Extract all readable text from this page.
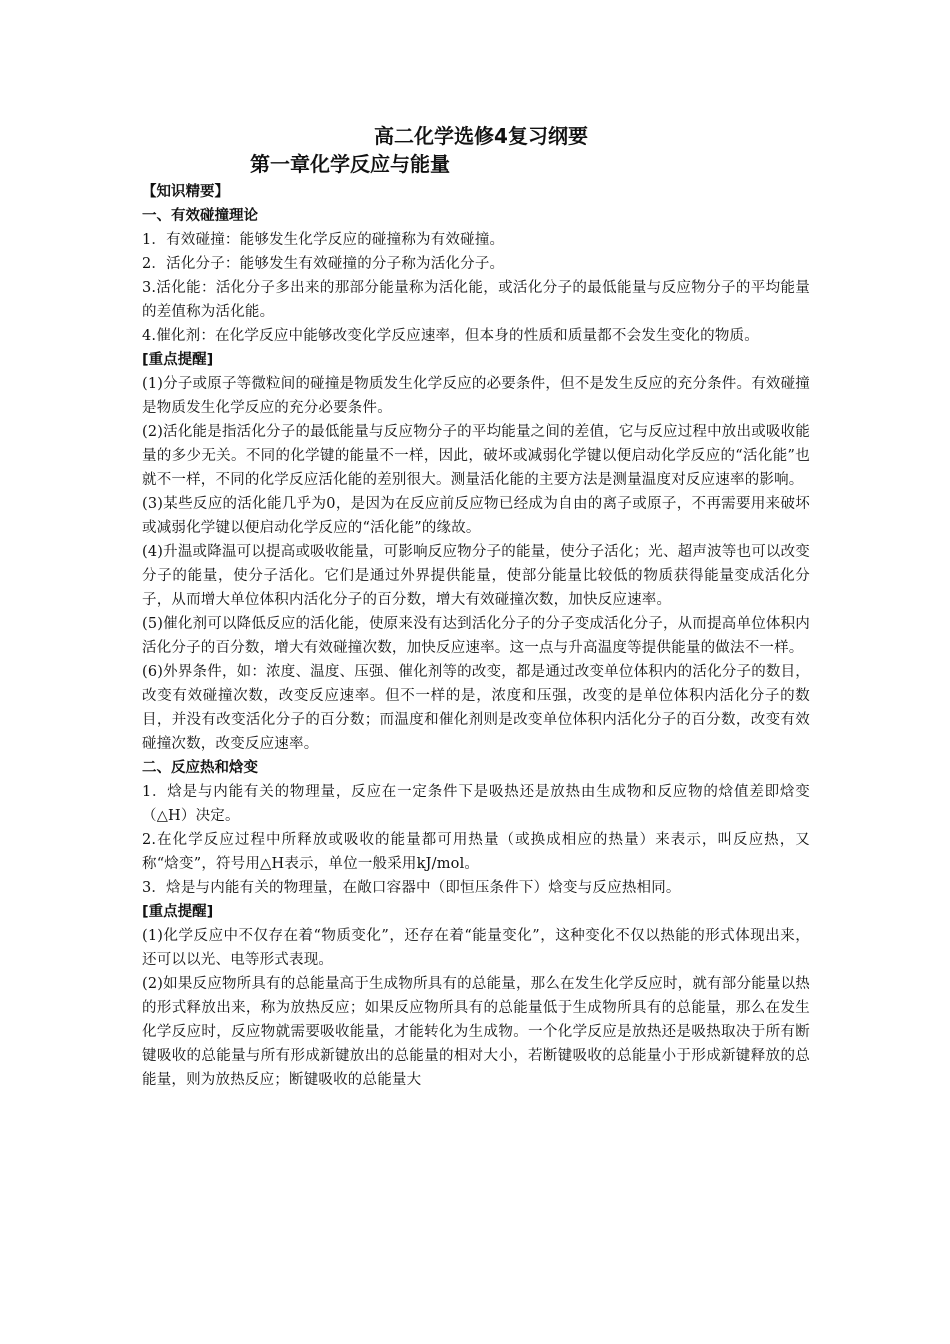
高二化学选修4复习纲要
第一章化学反应与能量
【知识精要】
一、有效碰撞理论

1．有效碰撞：能够发生化学反应的碰撞称为有效碰撞。

2．活化分子：能够发生有效碰撞的分子称为活化分子。

3.活化能：活化分子多出来的那部分能量称为活化能，或活化分子的最低能量与反应物分子的平均能量的差值称为活化能。

4.催化剂：在化学反应中能够改变化学反应速率，但本身的性质和质量都不会发生变化的物质。

[重点提醒]

(1)分子或原子等微粒间的碰撞是物质发生化学反应的必要条件，但不是发生反应的充分条件。有效碰撞是物质发生化学反应的充分必要条件。

(2)活化能是指活化分子的最低能量与反应物分子的平均能量之间的差值，它与反应过程中放出或吸收能量的多少无关。不同的化学键的能量不一样，因此，破坏或减弱化学键以便启动化学反应的“活化能”也就不一样，不同的化学反应活化能的差别很大。测量活化能的主要方法是测量温度对反应速率的影响。

(3)某些反应的活化能几乎为0，是因为在反应前反应物已经成为自由的离子或原子，不再需要用来破坏或减弱化学键以便启动化学反应的“活化能”的缘故。

(4)升温或降温可以提高或吸收能量，可影响反应物分子的能量，使分子活化；光、超声波等也可以改变分子的能量，使分子活化。它们是通过外界提供能量，使部分能量比较低的物质获得能量变成活化分子，从而增大单位体积内活化分子的百分数，增大有效碰撞次数，加快反应速率。

(5)催化剂可以降低反应的活化能，使原来没有达到活化分子的分子变成活化分子，从而提高单位体积内活化分子的百分数，增大有效碰撞次数，加快反应速率。这一点与升高温度等提供能量的做法不一样。

(6)外界条件，如：浓度、温度、压强、催化剂等的改变，都是通过改变单位体积内的活化分子的数目，改变有效碰撞次数，改变反应速率。但不一样的是，浓度和压强，改变的是单位体积内活化分子的数目，并没有改变活化分子的百分数；而温度和催化剂则是改变单位体积内活化分子的百分数，改变有效碰撞次数，改变反应速率。

二、反应热和焓变

1．焓是与内能有关的物理量，反应在一定条件下是吸热还是放热由生成物和反应物的焓值差即焓变（△H）决定。

2.在化学反应过程中所释放或吸收的能量都可用热量（或换成相应的热量）来表示，叫反应热，又称“焓变”，符号用△H表示，单位一般采用kJ/mol。

3．焓是与内能有关的物理量，在敞口容器中（即恒压条件下）焓变与反应热相同。

[重点提醒]

(1)化学反应中不仅存在着“物质变化”，还存在着“能量变化”，这种变化不仅以热能的形式体现出来，还可以以光、电等形式表现。

(2)如果反应物所具有的总能量高于生成物所具有的总能量，那么在发生化学反应时，就有部分能量以热的形式释放出来，称为放热反应；如果反应物所具有的总能量低于生成物所具有的总能量，那么在发生化学反应时，反应物就需要吸收能量，才能转化为生成物。一个化学反应是放热还是吸热取决于所有断键吸收的总能量与所有形成新键放出的总能量的相对大小，若断键吸收的总能量小于形成新键释放的总能量，则为放热反应；断键吸收的总能量大
